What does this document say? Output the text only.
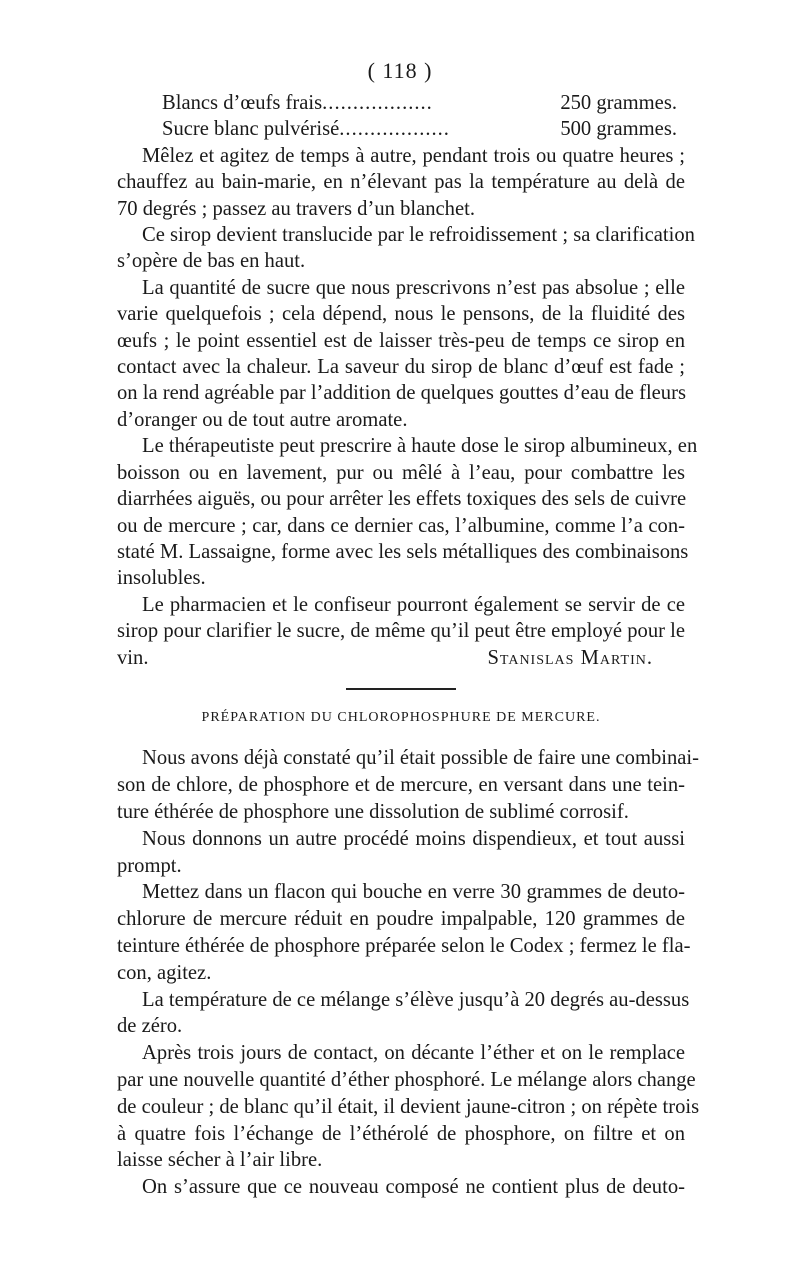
( 118 )
Blancs d’œufs frais ..................	250 grammes.
Sucre blanc pulvérisé ..................	500 grammes.
Mêlez et agitez de temps à autre, pendant trois ou quatre heures ;
chauffez au bain-marie, en n’élevant pas la température au delà de
70 degrés ; passez au travers d’un blanchet.
Ce sirop devient translucide par le refroidissement ; sa clarification
s’opère de bas en haut.
La quantité de sucre que nous prescrivons n’est pas absolue ; elle
varie quelquefois ; cela dépend, nous le pensons, de la fluidité des
œufs ; le point essentiel est de laisser très-peu de temps ce sirop en
contact avec la chaleur. La saveur du sirop de blanc d’œuf est fade ;
on la rend agréable par l’addition de quelques gouttes d’eau de fleurs
d’oranger ou de tout autre aromate.
Le thérapeutiste peut prescrire à haute dose le sirop albumineux, en
boisson ou en lavement, pur ou mêlé à l’eau, pour combattre les
diarrhées aiguës, ou pour arrêter les effets toxiques des sels de cuivre
ou de mercure ; car, dans ce dernier cas, l’albumine, comme l’a con-
staté M. Lassaigne, forme avec les sels métalliques des combinaisons
insolubles.
Le pharmacien et le confiseur pourront également se servir de ce
sirop pour clarifier le sucre, de même qu’il peut être employé pour le
vin.	Stanislas Martin.
PRÉPARATION DU CHLOROPHOSPHURE DE MERCURE.
Nous avons déjà constaté qu’il était possible de faire une combinai-
son de chlore, de phosphore et de mercure, en versant dans une tein-
ture éthérée de phosphore une dissolution de sublimé corrosif.
Nous donnons un autre procédé moins dispendieux, et tout aussi
prompt.
Mettez dans un flacon qui bouche en verre 30 grammes de deuto-
chlorure de mercure réduit en poudre impalpable, 120 grammes de
teinture éthérée de phosphore préparée selon le Codex ; fermez le fla-
con, agitez.
La température de ce mélange s’élève jusqu’à 20 degrés au-dessus
de zéro.
Après trois jours de contact, on décante l’éther et on le remplace
par une nouvelle quantité d’éther phosphoré. Le mélange alors change
de couleur ; de blanc qu’il était, il devient jaune-citron ; on répète trois
à quatre fois l’échange de l’éthérolé de phosphore, on filtre et on
laisse sécher à l’air libre.
On s’assure que ce nouveau composé ne contient plus de deuto-
